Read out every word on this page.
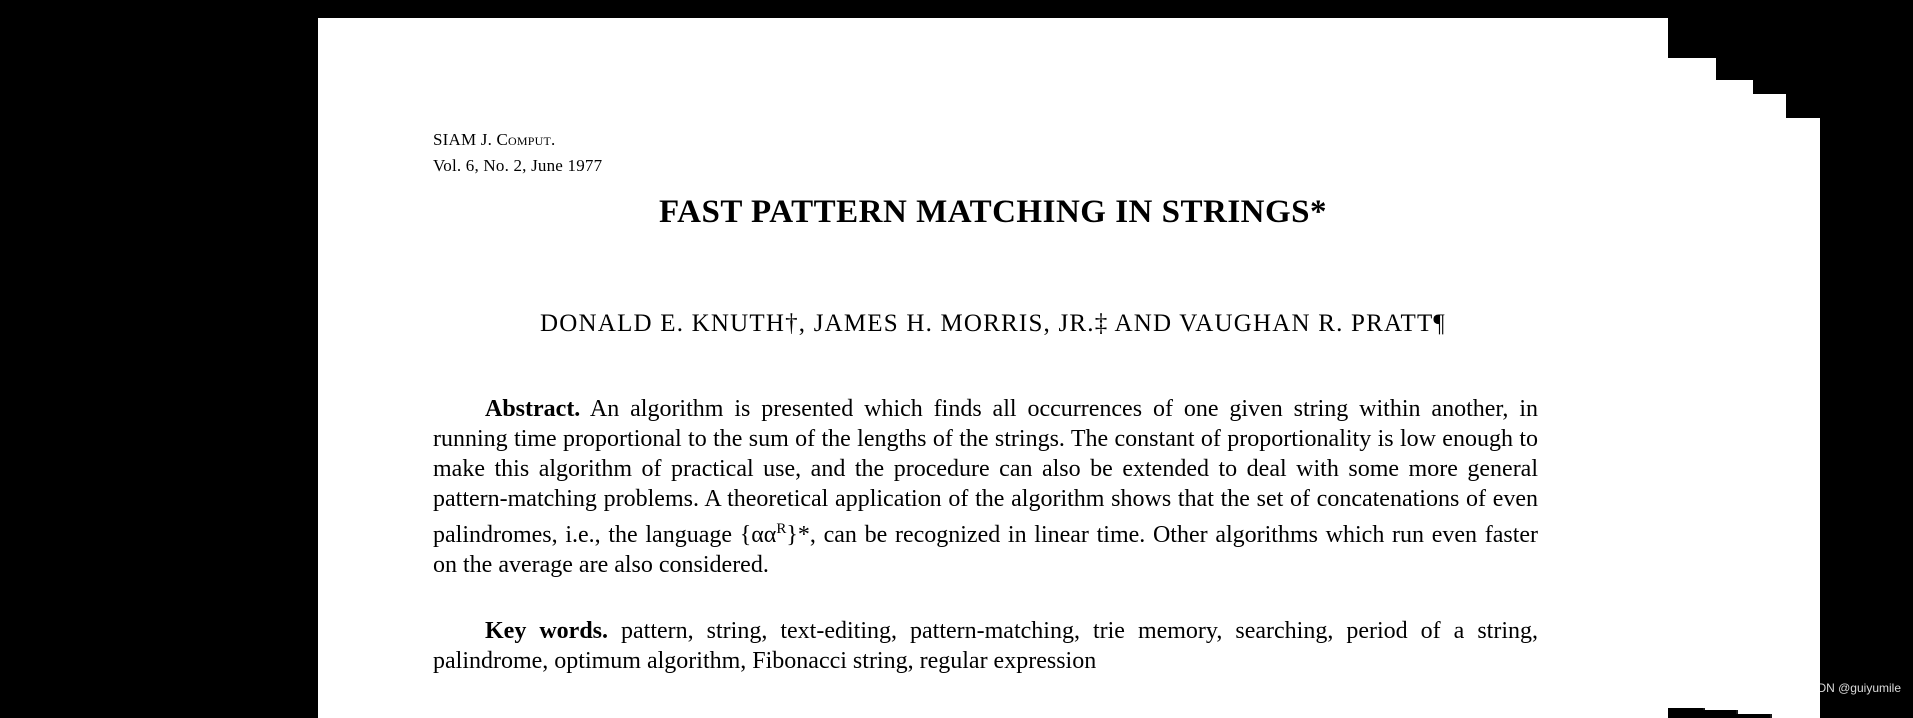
SIAM J. Comput.
Vol. 6, No. 2, June 1977
FAST PATTERN MATCHING IN STRINGS*
DONALD E. KNUTH†, JAMES H. MORRIS, JR.‡ AND VAUGHAN R. PRATT¶
Abstract. An algorithm is presented which finds all occurrences of one given string within another, in running time proportional to the sum of the lengths of the strings. The constant of proportionality is low enough to make this algorithm of practical use, and the procedure can also be extended to deal with some more general pattern-matching problems. A theoretical application of the algorithm shows that the set of concatenations of even palindromes, i.e., the language $\{\alpha\alpha^R\}*$, can be recognized in linear time. Other algorithms which run even faster on the average are also considered.
Key words. pattern, string, text-editing, pattern-matching, trie memory, searching, period of a string, palindrome, optimum algorithm, Fibonacci string, regular expression
CSDN @guiyumile
